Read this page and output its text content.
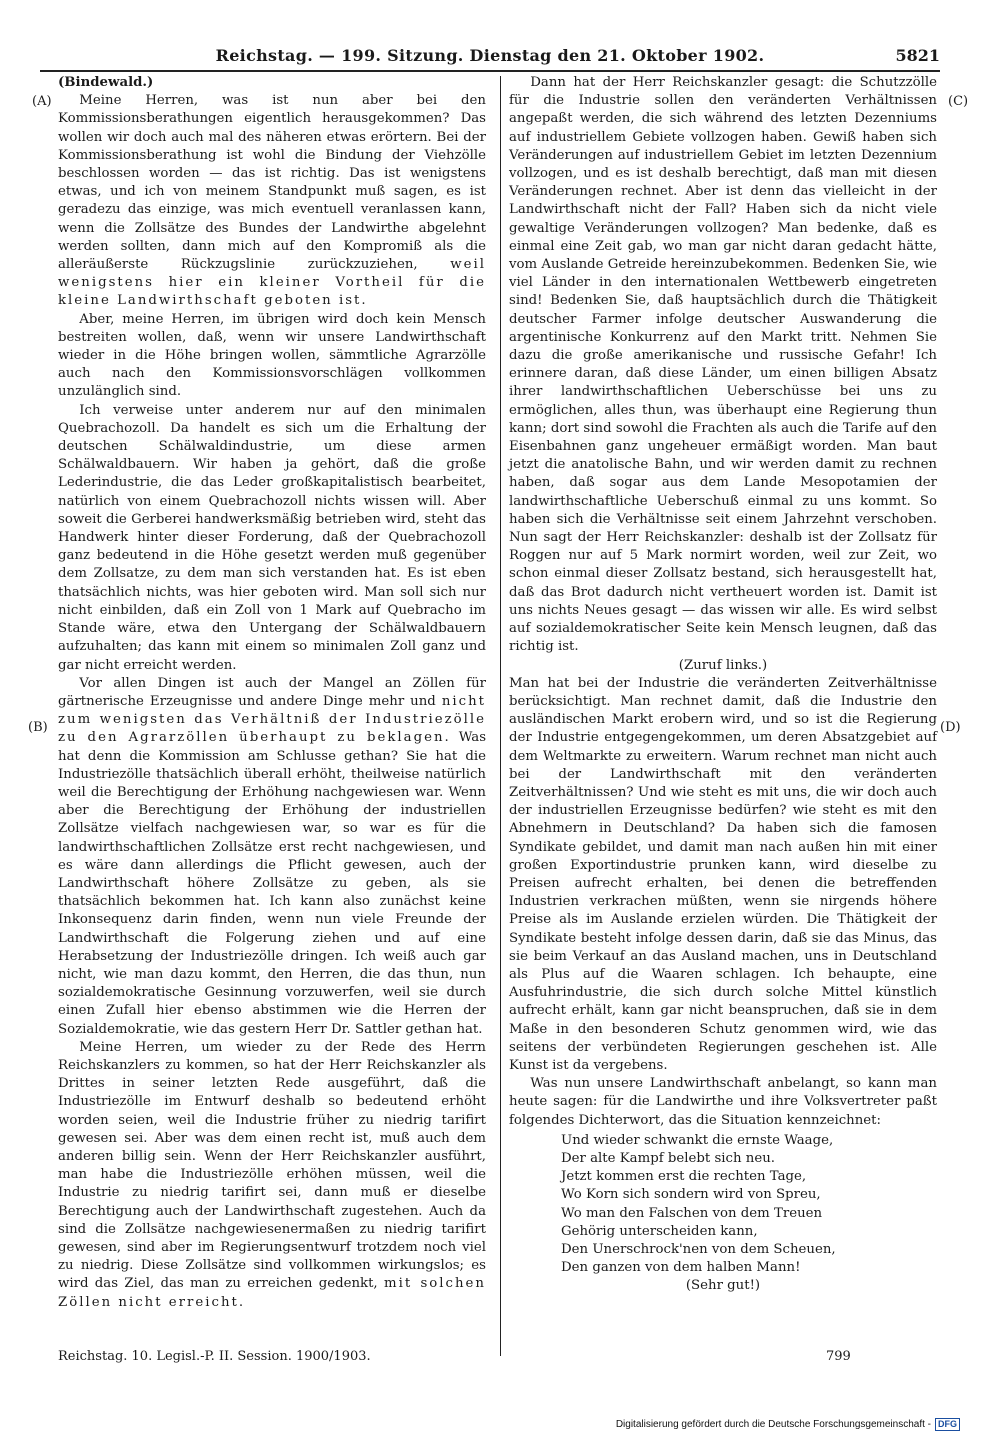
Reichstag. — 199. Sitzung. Dienstag den 21. Oktober 1902.	5821
(A)
(B)
(C)
(D)

(Bindewald.)

Meine Herren, was ist nun aber bei den Kommissionsberathungen eigentlich herausgekommen? Das wollen wir doch auch mal des näheren etwas erörtern. Bei der Kommissionsberathung ist wohl die Bindung der Viehzölle beschlossen worden — das ist richtig. Das ist wenigstens etwas, und ich von meinem Standpunkt muß sagen, es ist geradezu das einzige, was mich eventuell veranlassen kann, wenn die Zollsätze des Bundes der Landwirthe abgelehnt werden sollten, dann mich auf den Kompromiß als die alleräußerste Rückzugslinie zurückzuziehen, weil wenigstens hier ein kleiner Vortheil für die kleine Landwirthschaft geboten ist.

Aber, meine Herren, im übrigen wird doch kein Mensch bestreiten wollen, daß, wenn wir unsere Landwirthschaft wieder in die Höhe bringen wollen, sämmtliche Agrarzölle auch nach den Kommissionsvorschlägen vollkommen unzulänglich sind.

Ich verweise unter anderem nur auf den minimalen Quebrachozoll. Da handelt es sich um die Erhaltung der deutschen Schälwaldindustrie, um diese armen Schälwaldbauern. Wir haben ja gehört, daß die große Lederindustrie, die das Leder großkapitalistisch bearbeitet, natürlich von einem Quebrachozoll nichts wissen will. Aber soweit die Gerberei handwerksmäßig betrieben wird, steht das Handwerk hinter dieser Forderung, daß der Quebrachozoll ganz bedeutend in die Höhe gesetzt werden muß gegenüber dem Zollsatze, zu dem man sich verstanden hat. Es ist eben thatsächlich nichts, was hier geboten wird. Man soll sich nur nicht einbilden, daß ein Zoll von 1 Mark auf Quebracho im Stande wäre, etwa den Untergang der Schälwaldbauern aufzuhalten; das kann mit einem so minimalen Zoll ganz und gar nicht erreicht werden.

Vor allen Dingen ist auch der Mangel an Zöllen für gärtnerische Erzeugnisse und andere Dinge mehr und nicht zum wenigsten das Verhältniß der Industriezölle zu den Agrarzöllen überhaupt zu beklagen. Was hat denn die Kommission am Schlusse gethan? Sie hat die Industriezölle thatsächlich überall erhöht, theilweise natürlich weil die Berechtigung der Erhöhung nachgewiesen war. Wenn aber die Berechtigung der Erhöhung der industriellen Zollsätze vielfach nachgewiesen war, so war es für die landwirthschaftlichen Zollsätze erst recht nachgewiesen, und es wäre dann allerdings die Pflicht gewesen, auch der Landwirthschaft höhere Zollsätze zu geben, als sie thatsächlich bekommen hat. Ich kann also zunächst keine Inkonsequenz darin finden, wenn nun viele Freunde der Landwirthschaft die Folgerung ziehen und auf eine Herabsetzung der Industriezölle dringen. Ich weiß auch gar nicht, wie man dazu kommt, den Herren, die das thun, nun sozialdemokratische Gesinnung vorzuwerfen, weil sie durch einen Zufall hier ebenso abstimmen wie die Herren der Sozialdemokratie, wie das gestern Herr Dr. Sattler gethan hat.

Meine Herren, um wieder zu der Rede des Herrn Reichskanzlers zu kommen, so hat der Herr Reichskanzler als Drittes in seiner letzten Rede ausgeführt, daß die Industriezölle im Entwurf deshalb so bedeutend erhöht worden seien, weil die Industrie früher zu niedrig tarifirt gewesen sei. Aber was dem einen recht ist, muß auch dem anderen billig sein. Wenn der Herr Reichskanzler ausführt, man habe die Industriezölle erhöhen müssen, weil die Industrie zu niedrig tarifirt sei, dann muß er dieselbe Berechtigung auch der Landwirthschaft zugestehen. Auch da sind die Zollsätze nachgewiesenermaßen zu niedrig tarifirt gewesen, sind aber im Regierungsentwurf trotzdem noch viel zu niedrig. Diese Zollsätze sind vollkommen wirkungslos; es wird das Ziel, das man zu erreichen gedenkt, mit solchen Zöllen nicht erreicht.

Dann hat der Herr Reichskanzler gesagt: die Schutzzölle für die Industrie sollen den veränderten Verhältnissen angepaßt werden, die sich während des letzten Dezenniums auf industriellem Gebiete vollzogen haben. Gewiß haben sich Veränderungen auf industriellem Gebiet im letzten Dezennium vollzogen, und es ist deshalb berechtigt, daß man mit diesen Veränderungen rechnet. Aber ist denn das vielleicht in der Landwirthschaft nicht der Fall? Haben sich da nicht viele gewaltige Veränderungen vollzogen? Man bedenke, daß es einmal eine Zeit gab, wo man gar nicht daran gedacht hätte, vom Auslande Getreide hereinzubekommen. Bedenken Sie, wie viel Länder in den internationalen Wettbewerb eingetreten sind! Bedenken Sie, daß hauptsächlich durch die Thätigkeit deutscher Farmer infolge deutscher Auswanderung die argentinische Konkurrenz auf den Markt tritt. Nehmen Sie dazu die große amerikanische und russische Gefahr! Ich erinnere daran, daß diese Länder, um einen billigen Absatz ihrer landwirthschaftlichen Ueberschüsse bei uns zu ermöglichen, alles thun, was überhaupt eine Regierung thun kann; dort sind sowohl die Frachten als auch die Tarife auf den Eisenbahnen ganz ungeheuer ermäßigt worden. Man baut jetzt die anatolische Bahn, und wir werden damit zu rechnen haben, daß sogar aus dem Lande Mesopotamien der landwirthschaftliche Ueberschuß einmal zu uns kommt. So haben sich die Verhältnisse seit einem Jahrzehnt verschoben. Nun sagt der Herr Reichskanzler: deshalb ist der Zollsatz für Roggen nur auf 5 Mark normirt worden, weil zur Zeit, wo schon einmal dieser Zollsatz bestand, sich herausgestellt hat, daß das Brot dadurch nicht vertheuert worden ist. Damit ist uns nichts Neues gesagt — das wissen wir alle. Es wird selbst auf sozialdemokratischer Seite kein Mensch leugnen, daß das richtig ist.

(Zuruf links.)

Man hat bei der Industrie die veränderten Zeitverhältnisse berücksichtigt. Man rechnet damit, daß die Industrie den ausländischen Markt erobern wird, und so ist die Regierung der Industrie entgegengekommen, um deren Absatzgebiet auf dem Weltmarkte zu erweitern. Warum rechnet man nicht auch bei der Landwirthschaft mit den veränderten Zeitverhältnissen? Und wie steht es mit uns, die wir doch auch der industriellen Erzeugnisse bedürfen? wie steht es mit den Abnehmern in Deutschland? Da haben sich die famosen Syndikate gebildet, und damit man nach außen hin mit einer großen Exportindustrie prunken kann, wird dieselbe zu Preisen aufrecht erhalten, bei denen die betreffenden Industrien verkrachen müßten, wenn sie nirgends höhere Preise als im Auslande erzielen würden. Die Thätigkeit der Syndikate besteht infolge dessen darin, daß sie das Minus, das sie beim Verkauf an das Ausland machen, uns in Deutschland als Plus auf die Waaren schlagen. Ich behaupte, eine Ausfuhrindustrie, die sich durch solche Mittel künstlich aufrecht erhält, kann gar nicht beanspruchen, daß sie in dem Maße in den besonderen Schutz genommen wird, wie das seitens der verbündeten Regierungen geschehen ist. Alle Kunst ist da vergebens.

Was nun unsere Landwirthschaft anbelangt, so kann man heute sagen: für die Landwirthe und ihre Volksvertreter paßt folgendes Dichterwort, das die Situation kennzeichnet:

Und wieder schwankt die ernste Waage,
Der alte Kampf belebt sich neu.
Jetzt kommen erst die rechten Tage,
Wo Korn sich sondern wird von Spreu,
Wo man den Falschen von dem Treuen
Gehörig unterscheiden kann,
Den Unerschrock'nen von dem Scheuen,
Den ganzen von dem halben Mann!

(Sehr gut!)

Reichstag. 10. Legisl.-P. II. Session. 1900/1903.	799
Digitalisierung gefördert durch die Deutsche Forschungsgemeinschaft - DFG
